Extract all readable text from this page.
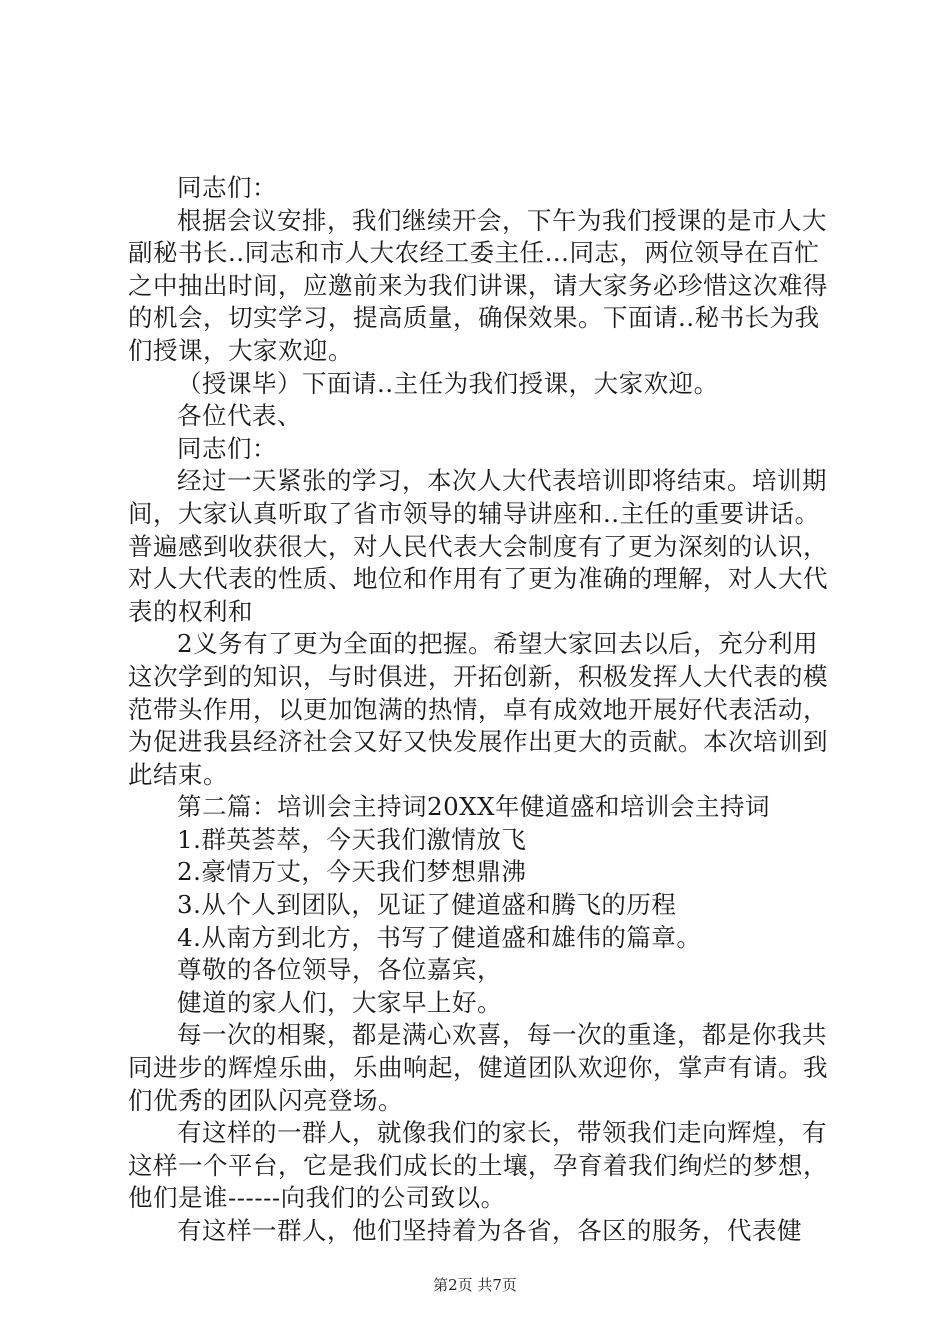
同志们：

根据会议安排，我们继续开会，下午为我们授课的是市人大副秘书长..同志和市人大农经工委主任...同志，两位领导在百忙之中抽出时间，应邀前来为我们讲课，请大家务必珍惜这次难得的机会，切实学习，提高质量，确保效果。下面请..秘书长为我们授课，大家欢迎。

（授课毕）下面请..主任为我们授课，大家欢迎。

各位代表、

同志们：

经过一天紧张的学习，本次人大代表培训即将结束。培训期间，大家认真听取了省市领导的辅导讲座和..主任的重要讲话。普遍感到收获很大，对人民代表大会制度有了更为深刻的认识，对人大代表的性质、地位和作用有了更为准确的理解，对人大代表的权利和

2义务有了更为全面的把握。希望大家回去以后，充分利用这次学到的知识，与时俱进，开拓创新，积极发挥人大代表的模范带头作用，以更加饱满的热情，卓有成效地开展好代表活动，为促进我县经济社会又好又快发展作出更大的贡献。本次培训到此结束。

第二篇：培训会主持词20XX年健道盛和培训会主持词

1.群英荟萃，今天我们激情放飞

2.豪情万丈，今天我们梦想鼎沸

3.从个人到团队，见证了健道盛和腾飞的历程

4.从南方到北方，书写了健道盛和雄伟的篇章。

尊敬的各位领导，各位嘉宾，

健道的家人们，大家早上好。

每一次的相聚，都是满心欢喜，每一次的重逢，都是你我共同进步的辉煌乐曲，乐曲响起，健道团队欢迎你，掌声有请。我们优秀的团队闪亮登场。

有这样的一群人，就像我们的家长，带领我们走向辉煌，有这样一个平台，它是我们成长的土壤，孕育着我们绚烂的梦想，他们是谁------向我们的公司致以。

有这样一群人，他们坚持着为各省，各区的服务，代表健

第2页 共7页
